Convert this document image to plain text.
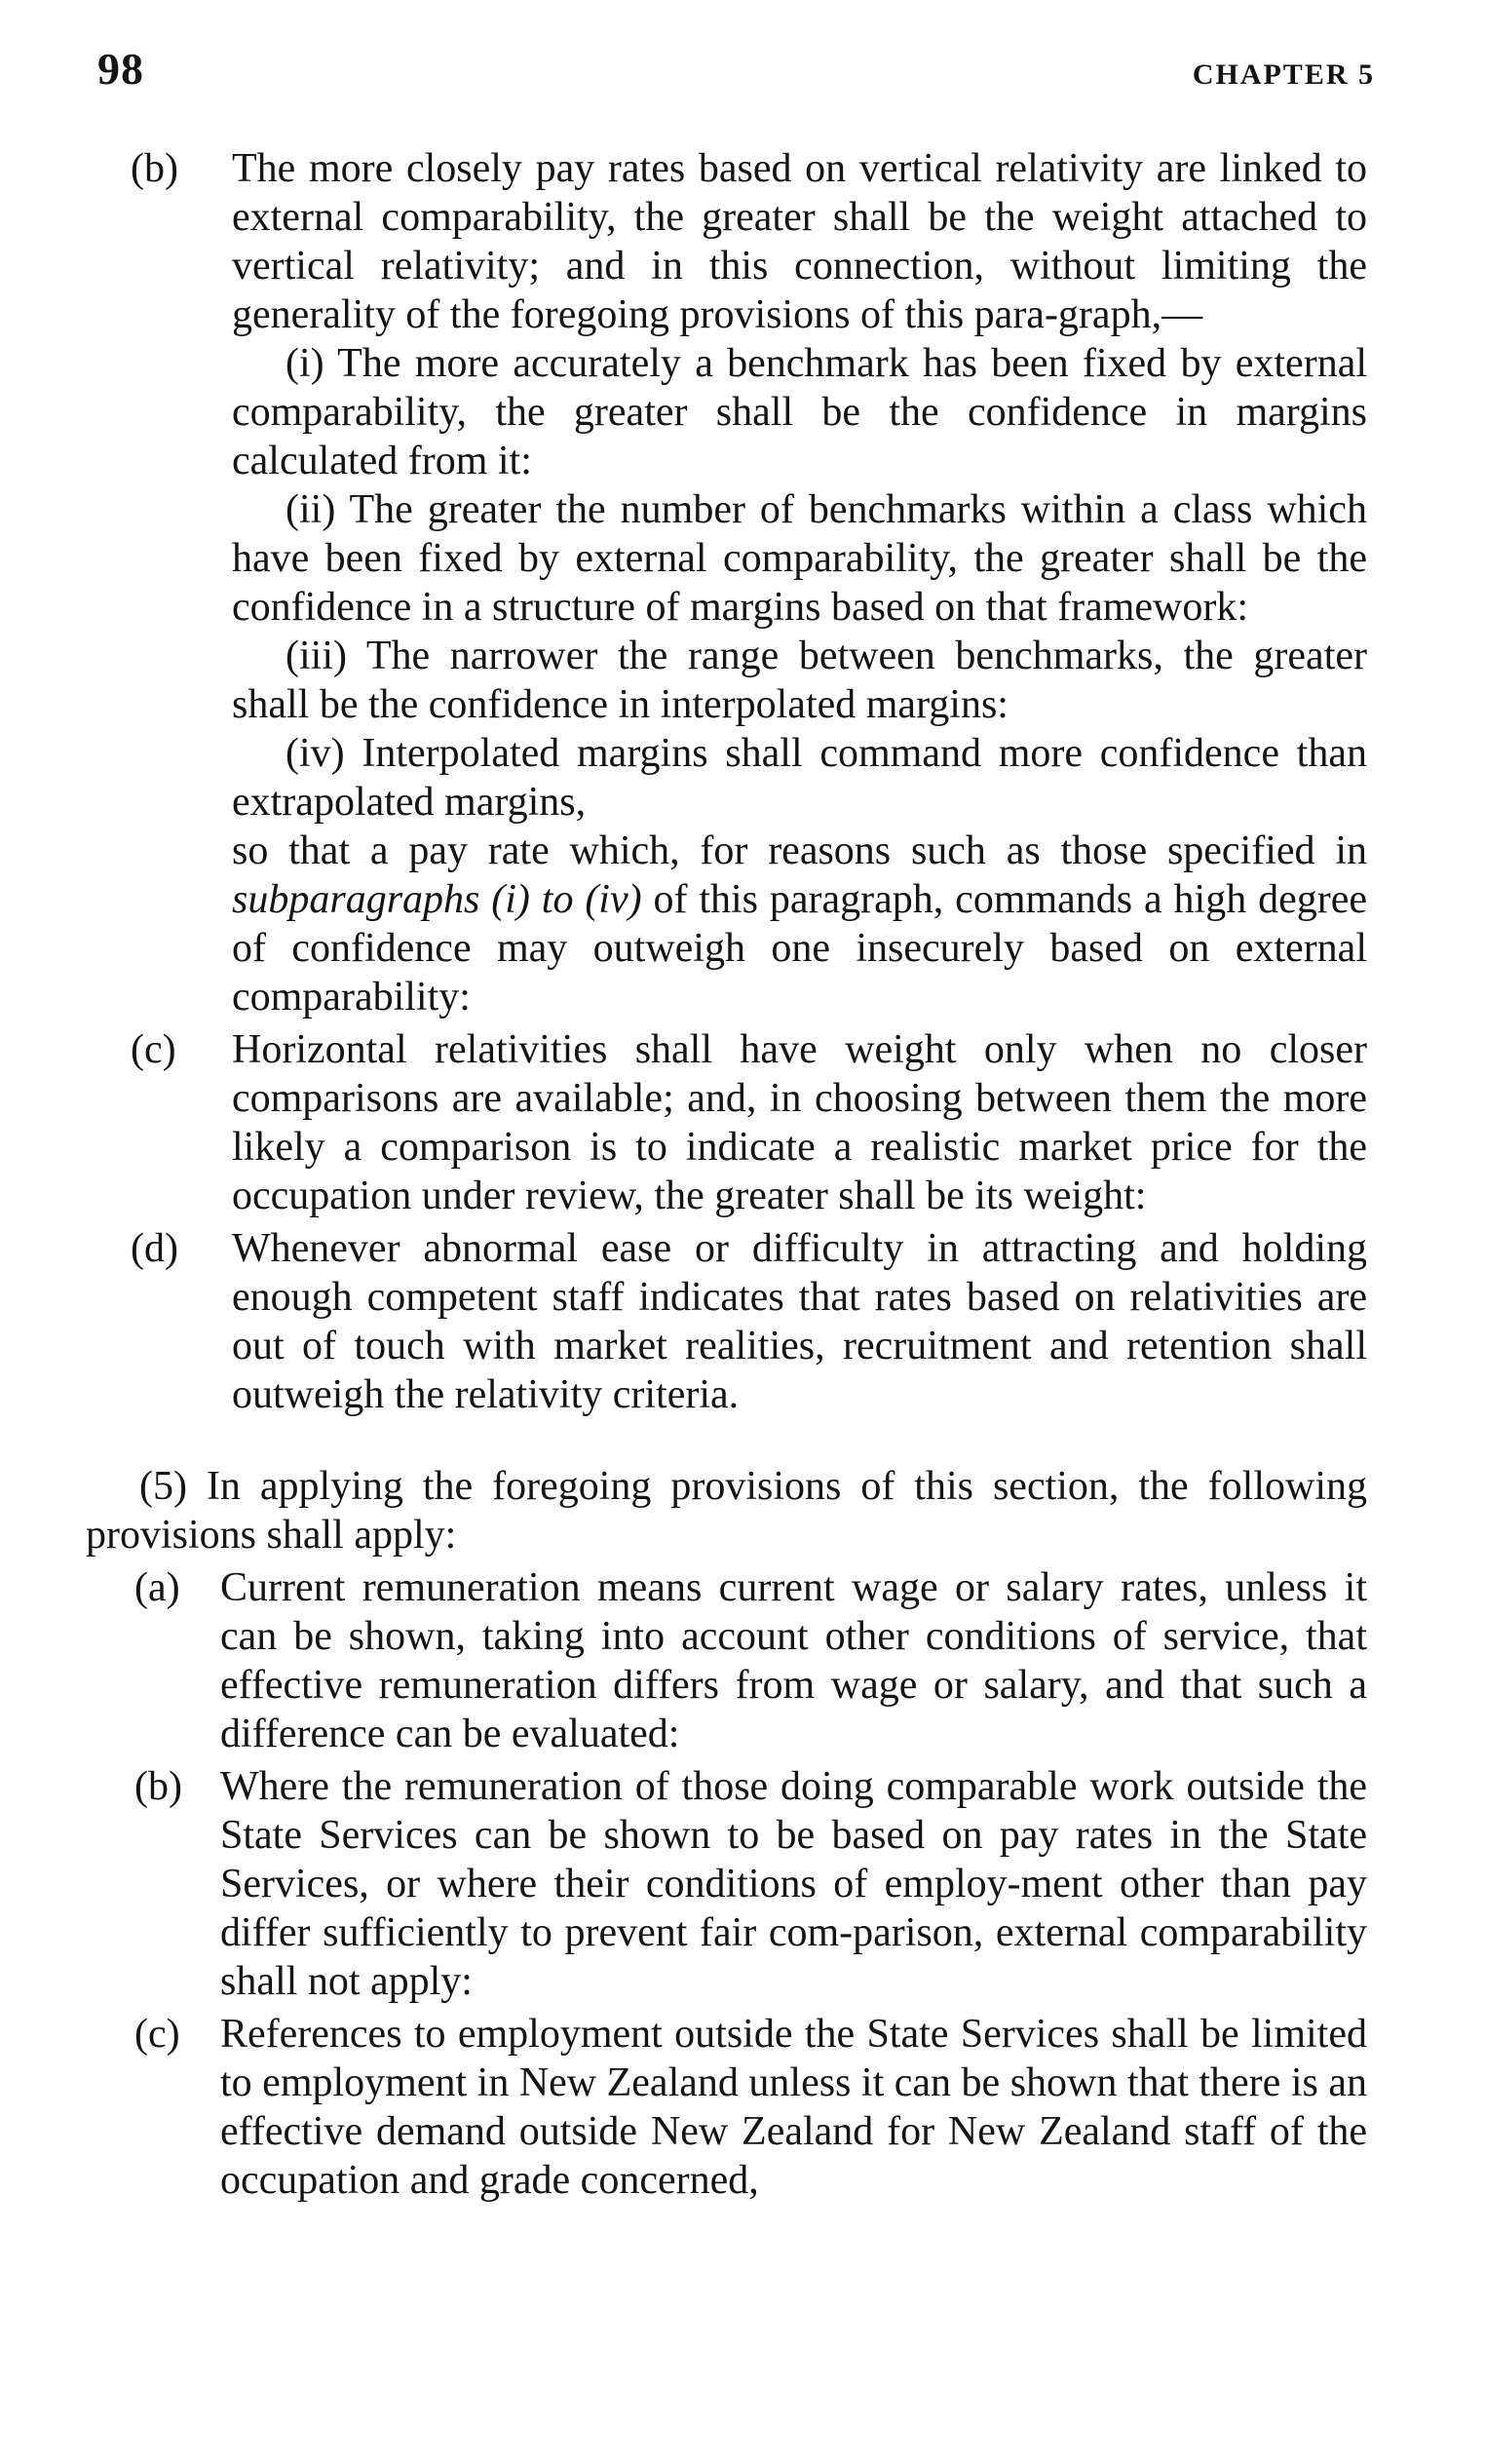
98	CHAPTER 5
(b) The more closely pay rates based on vertical relativity are linked to external comparability, the greater shall be the weight attached to vertical relativity; and in this connection, without limiting the generality of the foregoing provisions of this para-graph,—

(i) The more accurately a benchmark has been fixed by external comparability, the greater shall be the confidence in margins calculated from it:

(ii) The greater the number of benchmarks within a class which have been fixed by external comparability, the greater shall be the confidence in a structure of margins based on that framework:

(iii) The narrower the range between benchmarks, the greater shall be the confidence in interpolated margins:

(iv) Interpolated margins shall command more confidence than extrapolated margins,

so that a pay rate which, for reasons such as those specified in subparagraphs (i) to (iv) of this paragraph, commands a high degree of confidence may outweigh one insecurely based on external comparability:

(c) Horizontal relativities shall have weight only when no closer comparisons are available; and, in choosing between them the more likely a comparison is to indicate a realistic market price for the occupation under review, the greater shall be its weight:

(d) Whenever abnormal ease or difficulty in attracting and holding enough competent staff indicates that rates based on relativities are out of touch with market realities, recruitment and retention shall outweigh the relativity criteria.

(5) In applying the foregoing provisions of this section, the following provisions shall apply:

(a) Current remuneration means current wage or salary rates, unless it can be shown, taking into account other conditions of service, that effective remuneration differs from wage or salary, and that such a difference can be evaluated:

(b) Where the remuneration of those doing comparable work outside the State Services can be shown to be based on pay rates in the State Services, or where their conditions of employ-ment other than pay differ sufficiently to prevent fair com-parison, external comparability shall not apply:

(c) References to employment outside the State Services shall be limited to employment in New Zealand unless it can be shown that there is an effective demand outside New Zealand for New Zealand staff of the occupation and grade concerned,
